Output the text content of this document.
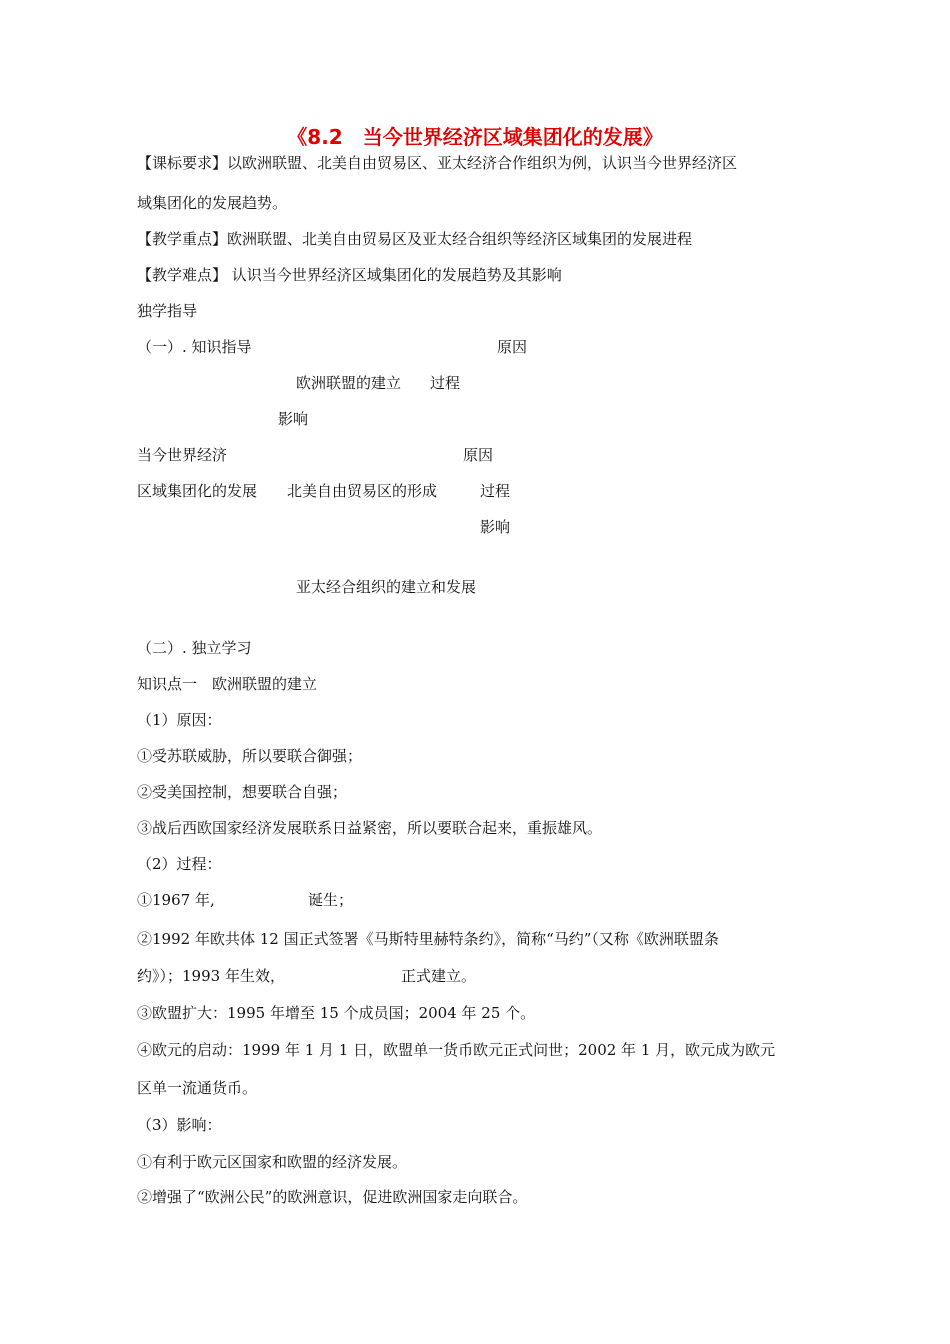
《8.2　当今世界经济区域集团化的发展》
【课标要求】以欧洲联盟、北美自由贸易区、亚太经济合作组织为例，认识当今世界经济区
域集团化的发展趋势。
【教学重点】欧洲联盟、北美自由贸易区及亚太经合组织等经济区域集团的发展进程
【教学难点】 认识当今世界经济区域集团化的发展趋势及其影响
独学指导
（一）. 知识指导	原因
欧洲联盟的建立 过程
影响
当今世界经济	原因
区域集团化的发展 北美自由贸易区的形成	过程
影响
亚太经合组织的建立和发展
（二）. 独立学习
知识点一　欧洲联盟的建立
（1）原因：
①受苏联威胁，所以要联合御强；
②受美国控制，想要联合自强；
③战后西欧国家经济发展联系日益紧密，所以要联合起来，重振雄风。
（2）过程：
①1967 年,	诞生；
②1992 年欧共体 12 国正式签署《马斯特里赫特条约》，简称“马约”（又称《欧洲联盟条
约》）；1993 年生效，	正式建立。
③欧盟扩大：1995 年增至 15 个成员国；2004 年 25 个。
④欧元的启动：1999 年 1 月 1 日，欧盟单一货币欧元正式问世；2002 年 1 月，欧元成为欧元
区单一流通货币。
（3）影响：
①有利于欧元区国家和欧盟的经济发展。
②增强了“欧洲公民”的欧洲意识，促进欧洲国家走向联合。
